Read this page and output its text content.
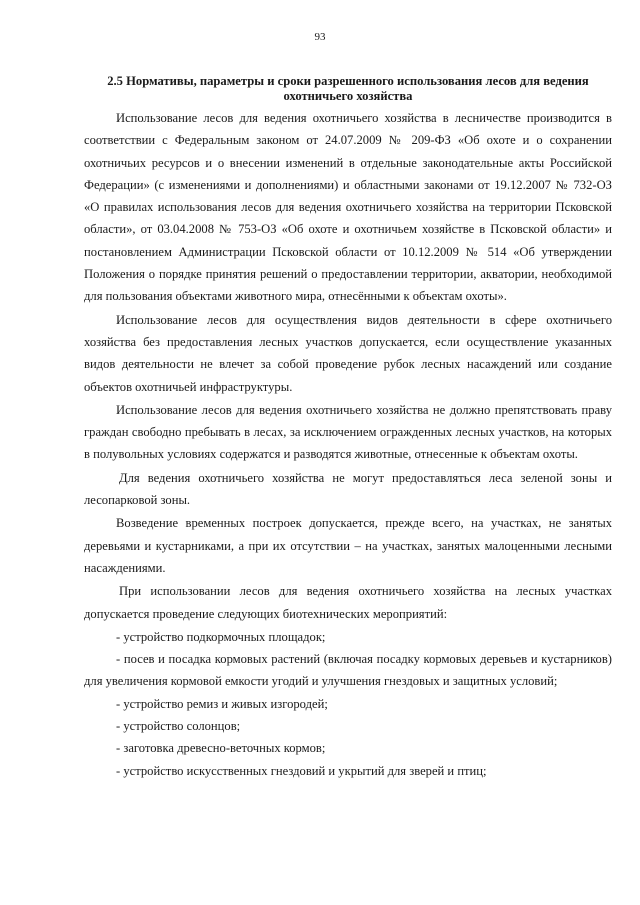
93
2.5 Нормативы, параметры и сроки разрешенного использования лесов для ведения охотничьего хозяйства

Использование лесов для ведения охотничьего хозяйства в лесничестве производится в соответствии с Федеральным законом от 24.07.2009 № 209-ФЗ «Об охоте и о сохранении охотничьих ресурсов и о внесении изменений в отдельные законодательные акты Российской Федерации» (с изменениями и дополнениями) и областными законами от 19.12.2007 № 732-ОЗ «О правилах использования лесов для ведения охотничьего хозяйства на территории Псковской области», от 03.04.2008 № 753-ОЗ «Об охоте и охотничьем хозяйстве в Псковской области» и постановлением Администрации Псковской области от 10.12.2009 № 514 «Об утверждении Положения о порядке принятия решений о предоставлении территории, акватории, необходимой для пользования объектами животного мира, отнесёнными к объектам охоты».

Использование лесов для осуществления видов деятельности в сфере охотничьего хозяйства без предоставления лесных участков допускается, если осуществление указанных видов деятельности не влечет за собой проведение рубок лесных насаждений или создание объектов охотничьей инфраструктуры.

Использование лесов для ведения охотничьего хозяйства не должно препятствовать праву граждан свободно пребывать в лесах, за исключением огражденных лесных участков, на которых в полувольных условиях содержатся и разводятся животные, отнесенные к объектам охоты.

Для ведения охотничьего хозяйства не могут предоставляться леса зеленой зоны и лесопарковой зоны.

Возведение временных построек допускается, прежде всего, на участках, не занятых деревьями и кустарниками, а при их отсутствии – на участках, занятых малоценными лесными насаждениями.

При использовании лесов для ведения охотничьего хозяйства на лесных участках допускается проведение следующих биотехнических мероприятий:

- устройство подкормочных площадок;
- посев и посадка кормовых растений (включая посадку кормовых деревьев и кустарников) для увеличения кормовой емкости угодий и улучшения гнездовых и защитных условий;
- устройство ремиз и живых изгородей;
- устройство солонцов;
- заготовка древесно-веточных кормов;
- устройство искусственных гнездовий и укрытий для зверей и птиц;
